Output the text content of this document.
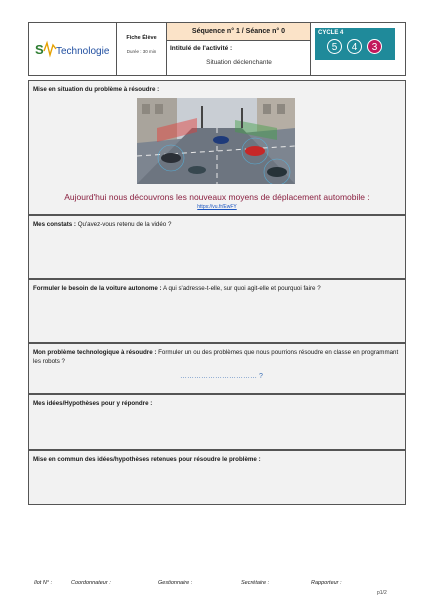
S Technologie
Fiche Élève
Durée : 30 min
Séquence n° 1 / Séance n° 0
Intitulé de l'activité :
Situation déclenchante
CYCLE 4
5	4	3
Mise en situation du problème à résoudre :
Aujourd'hui nous découvrons les nouveaux moyens de déplacement automobile :
https://vu.fr/EwFY
Mes constats : Qu'avez-vous retenu de la vidéo ?
Formuler le besoin de la voiture autonome : A qui s'adresse-t-elle, sur quoi agit-elle et pourquoi faire ?
Mon problème technologique à résoudre : Formuler un ou des problèmes que nous pourrions résoudre en classe en programmant les robots ?
…………………………… ?
Mes idées/Hypothèses pour y répondre :
Mise en commun des idées/hypothèses retenues pour résoudre le problème :
Ilot N° :	Coordonnateur :	Gestionnaire :	Secrétaire :	Rapporteur :
p1/2
